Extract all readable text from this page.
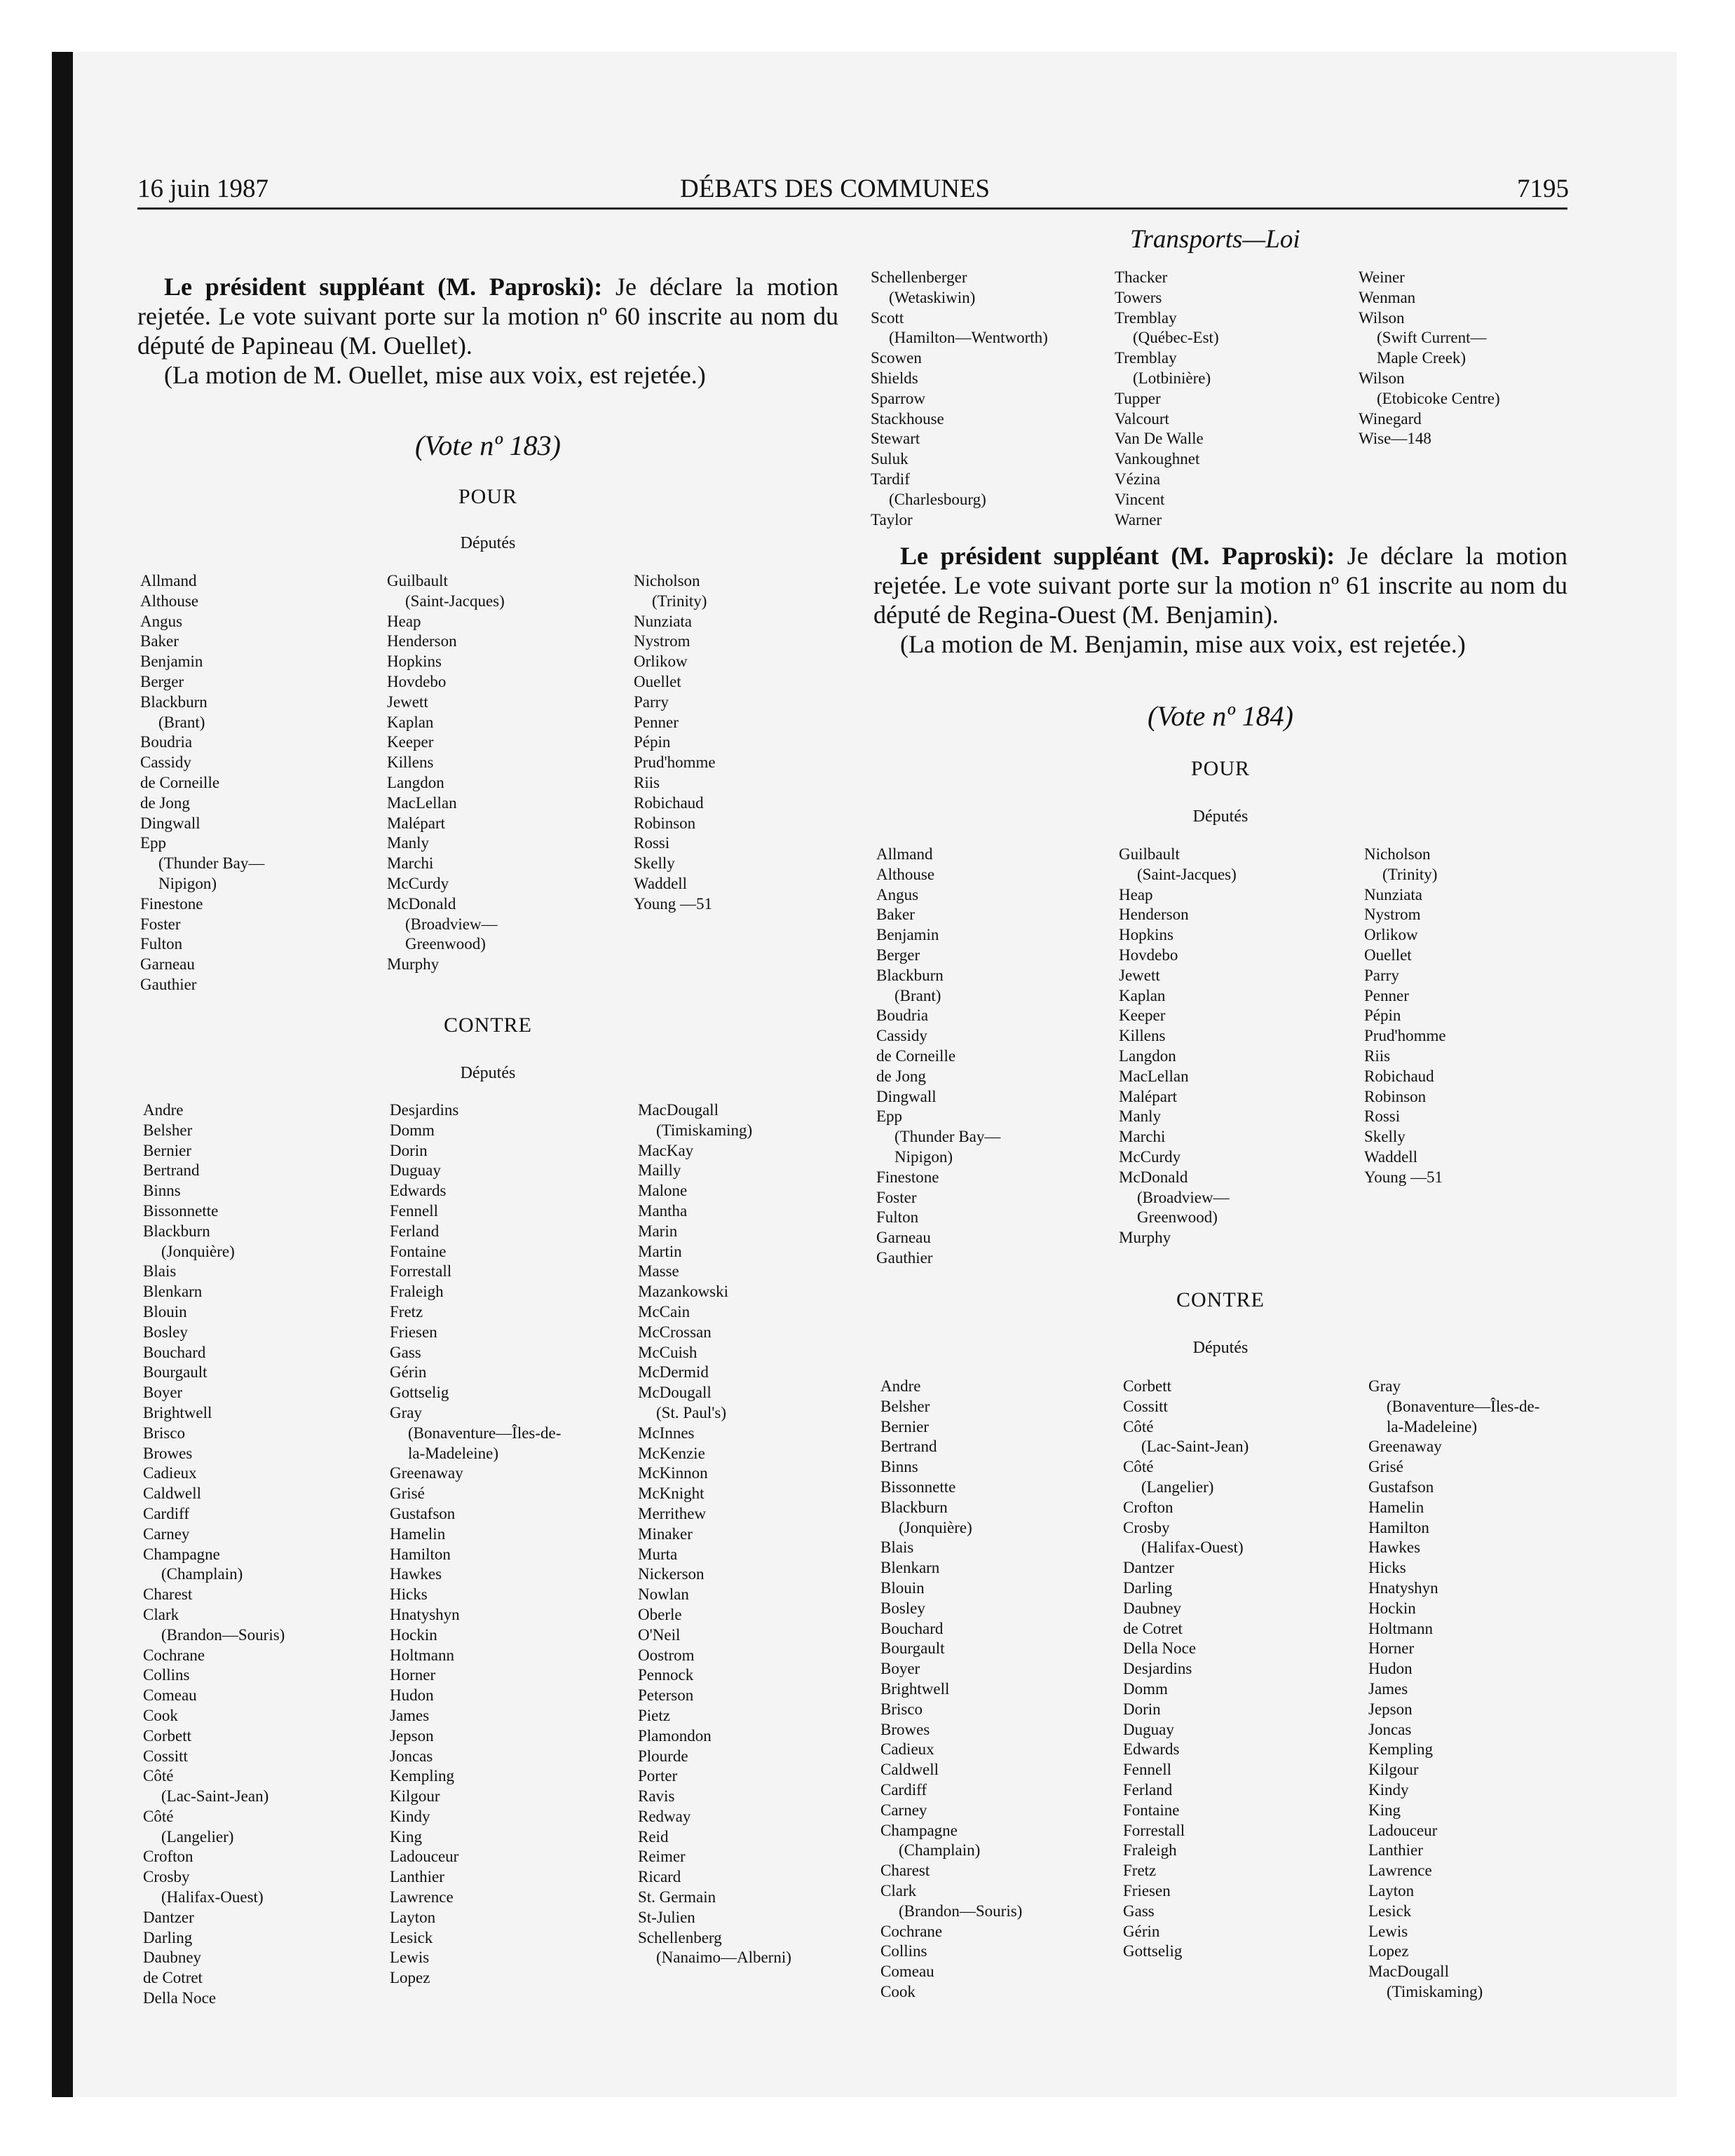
16 juin 1987	DÉBATS DES COMMUNES	7195
Transports—Loi

Le président suppléant (M. Paproski): Je déclare la motion rejetée. Le vote suivant porte sur la motion nº 60 inscrite au nom du député de Papineau (M. Ouellet).

(La motion de M. Ouellet, mise aux voix, est rejetée.)

(Vote nº 183)
POUR
Députés
Allmand
Althouse
Angus
Baker
Benjamin
Berger
Blackburn
(Brant)
Boudria
Cassidy
de Corneille
de Jong
Dingwall
Epp
(Thunder Bay—
Nipigon)
Finestone
Foster
Fulton
Garneau
Gauthier
Guilbault
(Saint-Jacques)
Heap
Henderson
Hopkins
Hovdebo
Jewett
Kaplan
Keeper
Killens
Langdon
MacLellan
Malépart
Manly
Marchi
McCurdy
McDonald
(Broadview—
Greenwood)
Murphy
Nicholson
(Trinity)
Nunziata
Nystrom
Orlikow
Ouellet
Parry
Penner
Pépin
Prud'homme
Riis
Robichaud
Robinson
Rossi
Skelly
Waddell
Young —51
CONTRE
Députés
Andre
Belsher
Bernier
Bertrand
Binns
Bissonnette
Blackburn
(Jonquière)
Blais
Blenkarn
Blouin
Bosley
Bouchard
Bourgault
Boyer
Brightwell
Brisco
Browes
Cadieux
Caldwell
Cardiff
Carney
Champagne
(Champlain)
Charest
Clark
(Brandon—Souris)
Cochrane
Collins
Comeau
Cook
Corbett
Cossitt
Côté
(Lac-Saint-Jean)
Côté
(Langelier)
Crofton
Crosby
(Halifax-Ouest)
Dantzer
Darling
Daubney
de Cotret
Della Noce
Desjardins
Domm
Dorin
Duguay
Edwards
Fennell
Ferland
Fontaine
Forrestall
Fraleigh
Fretz
Friesen
Gass
Gérin
Gottselig
Gray
(Bonaventure—Îles-de-
la-Madeleine)
Greenaway
Grisé
Gustafson
Hamelin
Hamilton
Hawkes
Hicks
Hnatyshyn
Hockin
Holtmann
Horner
Hudon
James
Jepson
Joncas
Kempling
Kilgour
Kindy
King
Ladouceur
Lanthier
Lawrence
Layton
Lesick
Lewis
Lopez
MacDougall
(Timiskaming)
MacKay
Mailly
Malone
Mantha
Marin
Martin
Masse
Mazankowski
McCain
McCrossan
McCuish
McDermid
McDougall
(St. Paul's)
McInnes
McKenzie
McKinnon
McKnight
Merrithew
Minaker
Murta
Nickerson
Nowlan
Oberle
O'Neil
Oostrom
Pennock
Peterson
Pietz
Plamondon
Plourde
Porter
Ravis
Redway
Reid
Reimer
Ricard
St. Germain
St-Julien
Schellenberg
(Nanaimo—Alberni)
Schellenberger
(Wetaskiwin)
Scott
(Hamilton—Wentworth)
Scowen
Shields
Sparrow
Stackhouse
Stewart
Suluk
Tardif
(Charlesbourg)
Taylor
Thacker
Towers
Tremblay
(Québec-Est)
Tremblay
(Lotbinière)
Tupper
Valcourt
Van De Walle
Vankoughnet
Vézina
Vincent
Warner
Weiner
Wenman
Wilson
(Swift Current—
Maple Creek)
Wilson
(Etobicoke Centre)
Winegard
Wise—148

Le président suppléant (M. Paproski): Je déclare la motion rejetée. Le vote suivant porte sur la motion nº 61 inscrite au nom du député de Regina-Ouest (M. Benjamin).

(La motion de M. Benjamin, mise aux voix, est rejetée.)

(Vote nº 184)
POUR
Députés
Allmand
Althouse
Angus
Baker
Benjamin
Berger
Blackburn
(Brant)
Boudria
Cassidy
de Corneille
de Jong
Dingwall
Epp
(Thunder Bay—
Nipigon)
Finestone
Foster
Fulton
Garneau
Gauthier
Guilbault
(Saint-Jacques)
Heap
Henderson
Hopkins
Hovdebo
Jewett
Kaplan
Keeper
Killens
Langdon
MacLellan
Malépart
Manly
Marchi
McCurdy
McDonald
(Broadview—
Greenwood)
Murphy
Nicholson
(Trinity)
Nunziata
Nystrom
Orlikow
Ouellet
Parry
Penner
Pépin
Prud'homme
Riis
Robichaud
Robinson
Rossi
Skelly
Waddell
Young —51
CONTRE
Députés
Andre
Belsher
Bernier
Bertrand
Binns
Bissonnette
Blackburn
(Jonquière)
Blais
Blenkarn
Blouin
Bosley
Bouchard
Bourgault
Boyer
Brightwell
Brisco
Browes
Cadieux
Caldwell
Cardiff
Carney
Champagne
(Champlain)
Charest
Clark
(Brandon—Souris)
Cochrane
Collins
Comeau
Cook
Corbett
Cossitt
Côté
(Lac-Saint-Jean)
Côté
(Langelier)
Crofton
Crosby
(Halifax-Ouest)
Dantzer
Darling
Daubney
de Cotret
Della Noce
Desjardins
Domm
Dorin
Duguay
Edwards
Fennell
Ferland
Fontaine
Forrestall
Fraleigh
Fretz
Friesen
Gass
Gérin
Gottselig
Gray
(Bonaventure—Îles-de-
la-Madeleine)
Greenaway
Grisé
Gustafson
Hamelin
Hamilton
Hawkes
Hicks
Hnatyshyn
Hockin
Holtmann
Horner
Hudon
James
Jepson
Joncas
Kempling
Kilgour
Kindy
King
Ladouceur
Lanthier
Lawrence
Layton
Lesick
Lewis
Lopez
MacDougall
(Timiskaming)
